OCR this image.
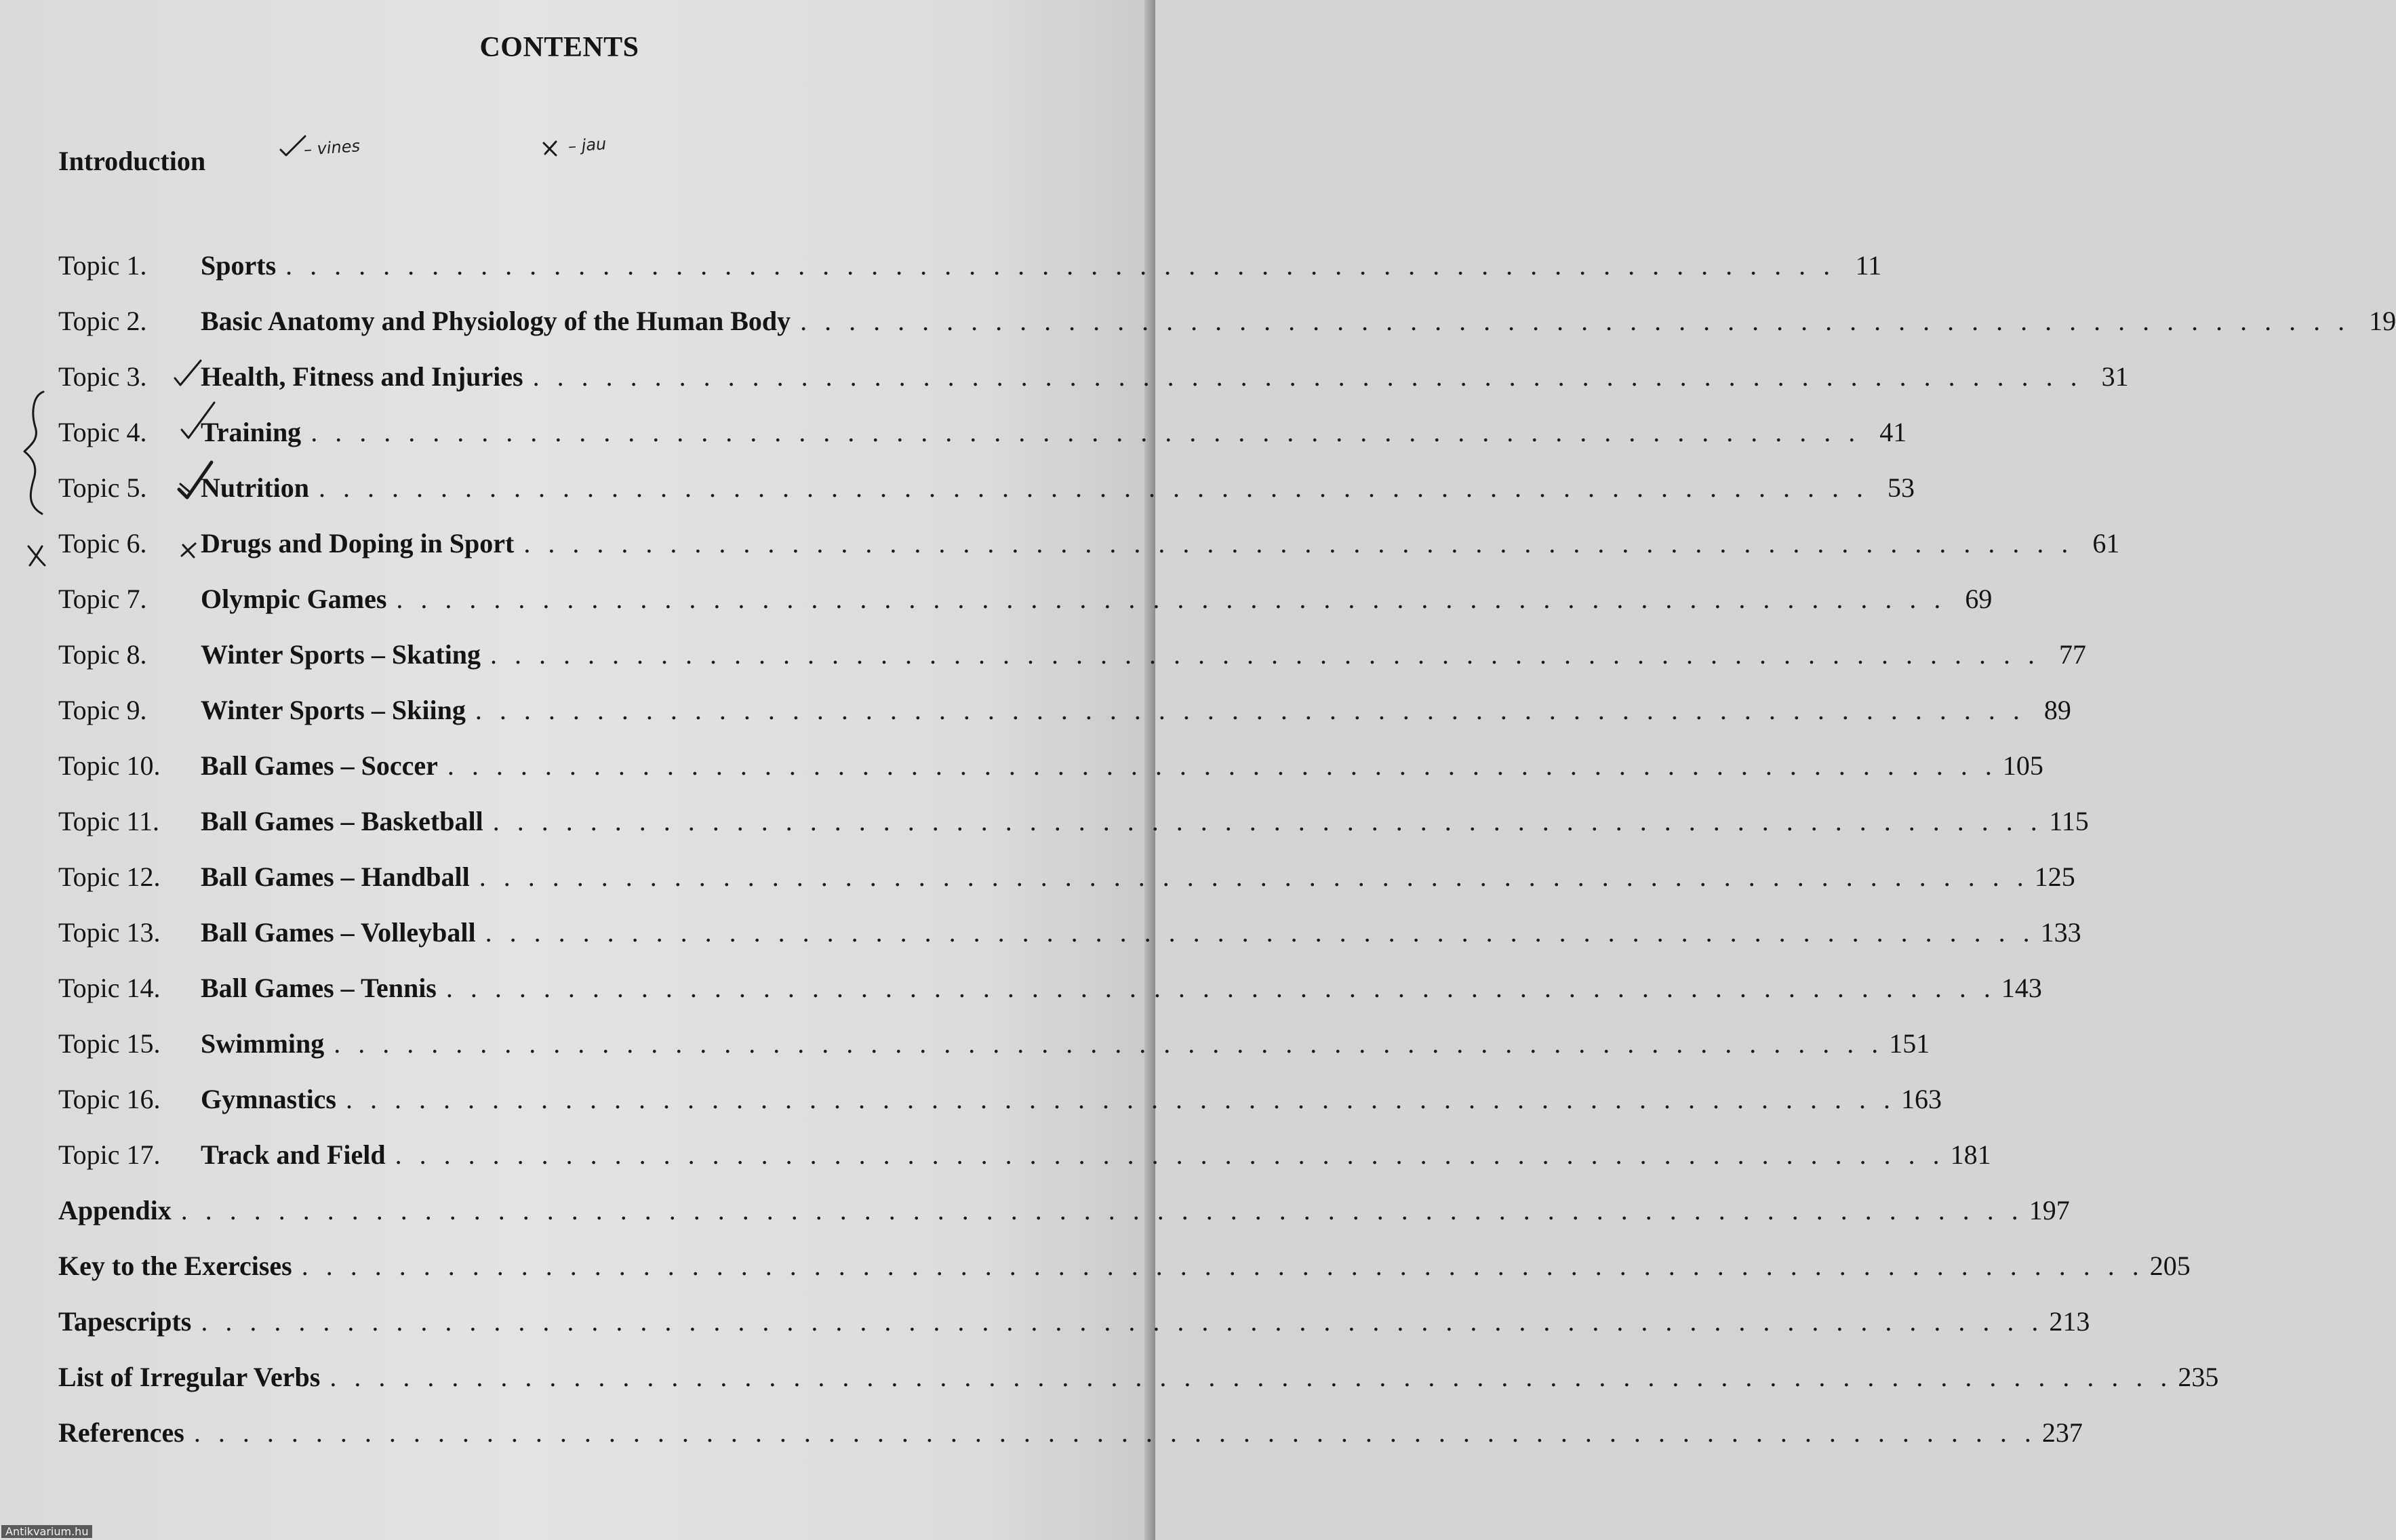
CONTENTS
Introduction	– vines	– jau
Topic 1.	Sports . . . . . . . . . . . . . . . . . . . . . . . . . . . . . . . . . . . . . . . . . . . . . . . . . . . . . . . . . . . . . . . . 11
Topic 2.	Basic Anatomy and Physiology of the Human Body . . . . . . . . . . . . . . . . . . . . . . . . . . . . . . . . . . . . . . . . . . . . . . . . . . . . . . . . . . . . . . . . 19
Topic 3.	Health, Fitness and Injuries . . . . . . . . . . . . . . . . . . . . . . . . . . . . . . . . . . . . . . . . . . . . . . . . . . . . . . . . . . . . . . . . 31
Topic 4.	Training . . . . . . . . . . . . . . . . . . . . . . . . . . . . . . . . . . . . . . . . . . . . . . . . . . . . . . . . . . . . . . . . 41
Topic 5.	Nutrition . . . . . . . . . . . . . . . . . . . . . . . . . . . . . . . . . . . . . . . . . . . . . . . . . . . . . . . . . . . . . . . . 53
Topic 6.	Drugs and Doping in Sport . . . . . . . . . . . . . . . . . . . . . . . . . . . . . . . . . . . . . . . . . . . . . . . . . . . . . . . . . . . . . . . . 61
Topic 7.	Olympic Games . . . . . . . . . . . . . . . . . . . . . . . . . . . . . . . . . . . . . . . . . . . . . . . . . . . . . . . . . . . . . . . . 69
Topic 8.	Winter Sports – Skating . . . . . . . . . . . . . . . . . . . . . . . . . . . . . . . . . . . . . . . . . . . . . . . . . . . . . . . . . . . . . . . . 77
Topic 9.	Winter Sports – Skiing . . . . . . . . . . . . . . . . . . . . . . . . . . . . . . . . . . . . . . . . . . . . . . . . . . . . . . . . . . . . . . . . 89
Topic 10.	Ball Games – Soccer . . . . . . . . . . . . . . . . . . . . . . . . . . . . . . . . . . . . . . . . . . . . . . . . . . . . . . . . . . . . . . . . 105
Topic 11.	Ball Games – Basketball . . . . . . . . . . . . . . . . . . . . . . . . . . . . . . . . . . . . . . . . . . . . . . . . . . . . . . . . . . . . . . . . 115
Topic 12.	Ball Games – Handball . . . . . . . . . . . . . . . . . . . . . . . . . . . . . . . . . . . . . . . . . . . . . . . . . . . . . . . . . . . . . . . . 125
Topic 13.	Ball Games – Volleyball . . . . . . . . . . . . . . . . . . . . . . . . . . . . . . . . . . . . . . . . . . . . . . . . . . . . . . . . . . . . . . . . 133
Topic 14.	Ball Games – Tennis . . . . . . . . . . . . . . . . . . . . . . . . . . . . . . . . . . . . . . . . . . . . . . . . . . . . . . . . . . . . . . . . 143
Topic 15.	Swimming . . . . . . . . . . . . . . . . . . . . . . . . . . . . . . . . . . . . . . . . . . . . . . . . . . . . . . . . . . . . . . . . 151
Topic 16.	Gymnastics . . . . . . . . . . . . . . . . . . . . . . . . . . . . . . . . . . . . . . . . . . . . . . . . . . . . . . . . . . . . . . . . 163
Topic 17.	Track and Field . . . . . . . . . . . . . . . . . . . . . . . . . . . . . . . . . . . . . . . . . . . . . . . . . . . . . . . . . . . . . . . . 181
Appendix . . . . . . . . . . . . . . . . . . . . . . . . . . . . . . . . . . . . . . . . . . . . . . . . . . . . . . . . . . . . . . . . . . . . . . . . . . . . 197
Key to the Exercises . . . . . . . . . . . . . . . . . . . . . . . . . . . . . . . . . . . . . . . . . . . . . . . . . . . . . . . . . . . . . . . . . . . . . . . . . . . . 205
Tapescripts . . . . . . . . . . . . . . . . . . . . . . . . . . . . . . . . . . . . . . . . . . . . . . . . . . . . . . . . . . . . . . . . . . . . . . . . . . . . 213
List of Irregular Verbs . . . . . . . . . . . . . . . . . . . . . . . . . . . . . . . . . . . . . . . . . . . . . . . . . . . . . . . . . . . . . . . . . . . . . . . . . . . . 235
References . . . . . . . . . . . . . . . . . . . . . . . . . . . . . . . . . . . . . . . . . . . . . . . . . . . . . . . . . . . . . . . . . . . . . . . . . . . . 237
Antikvarium.hu
